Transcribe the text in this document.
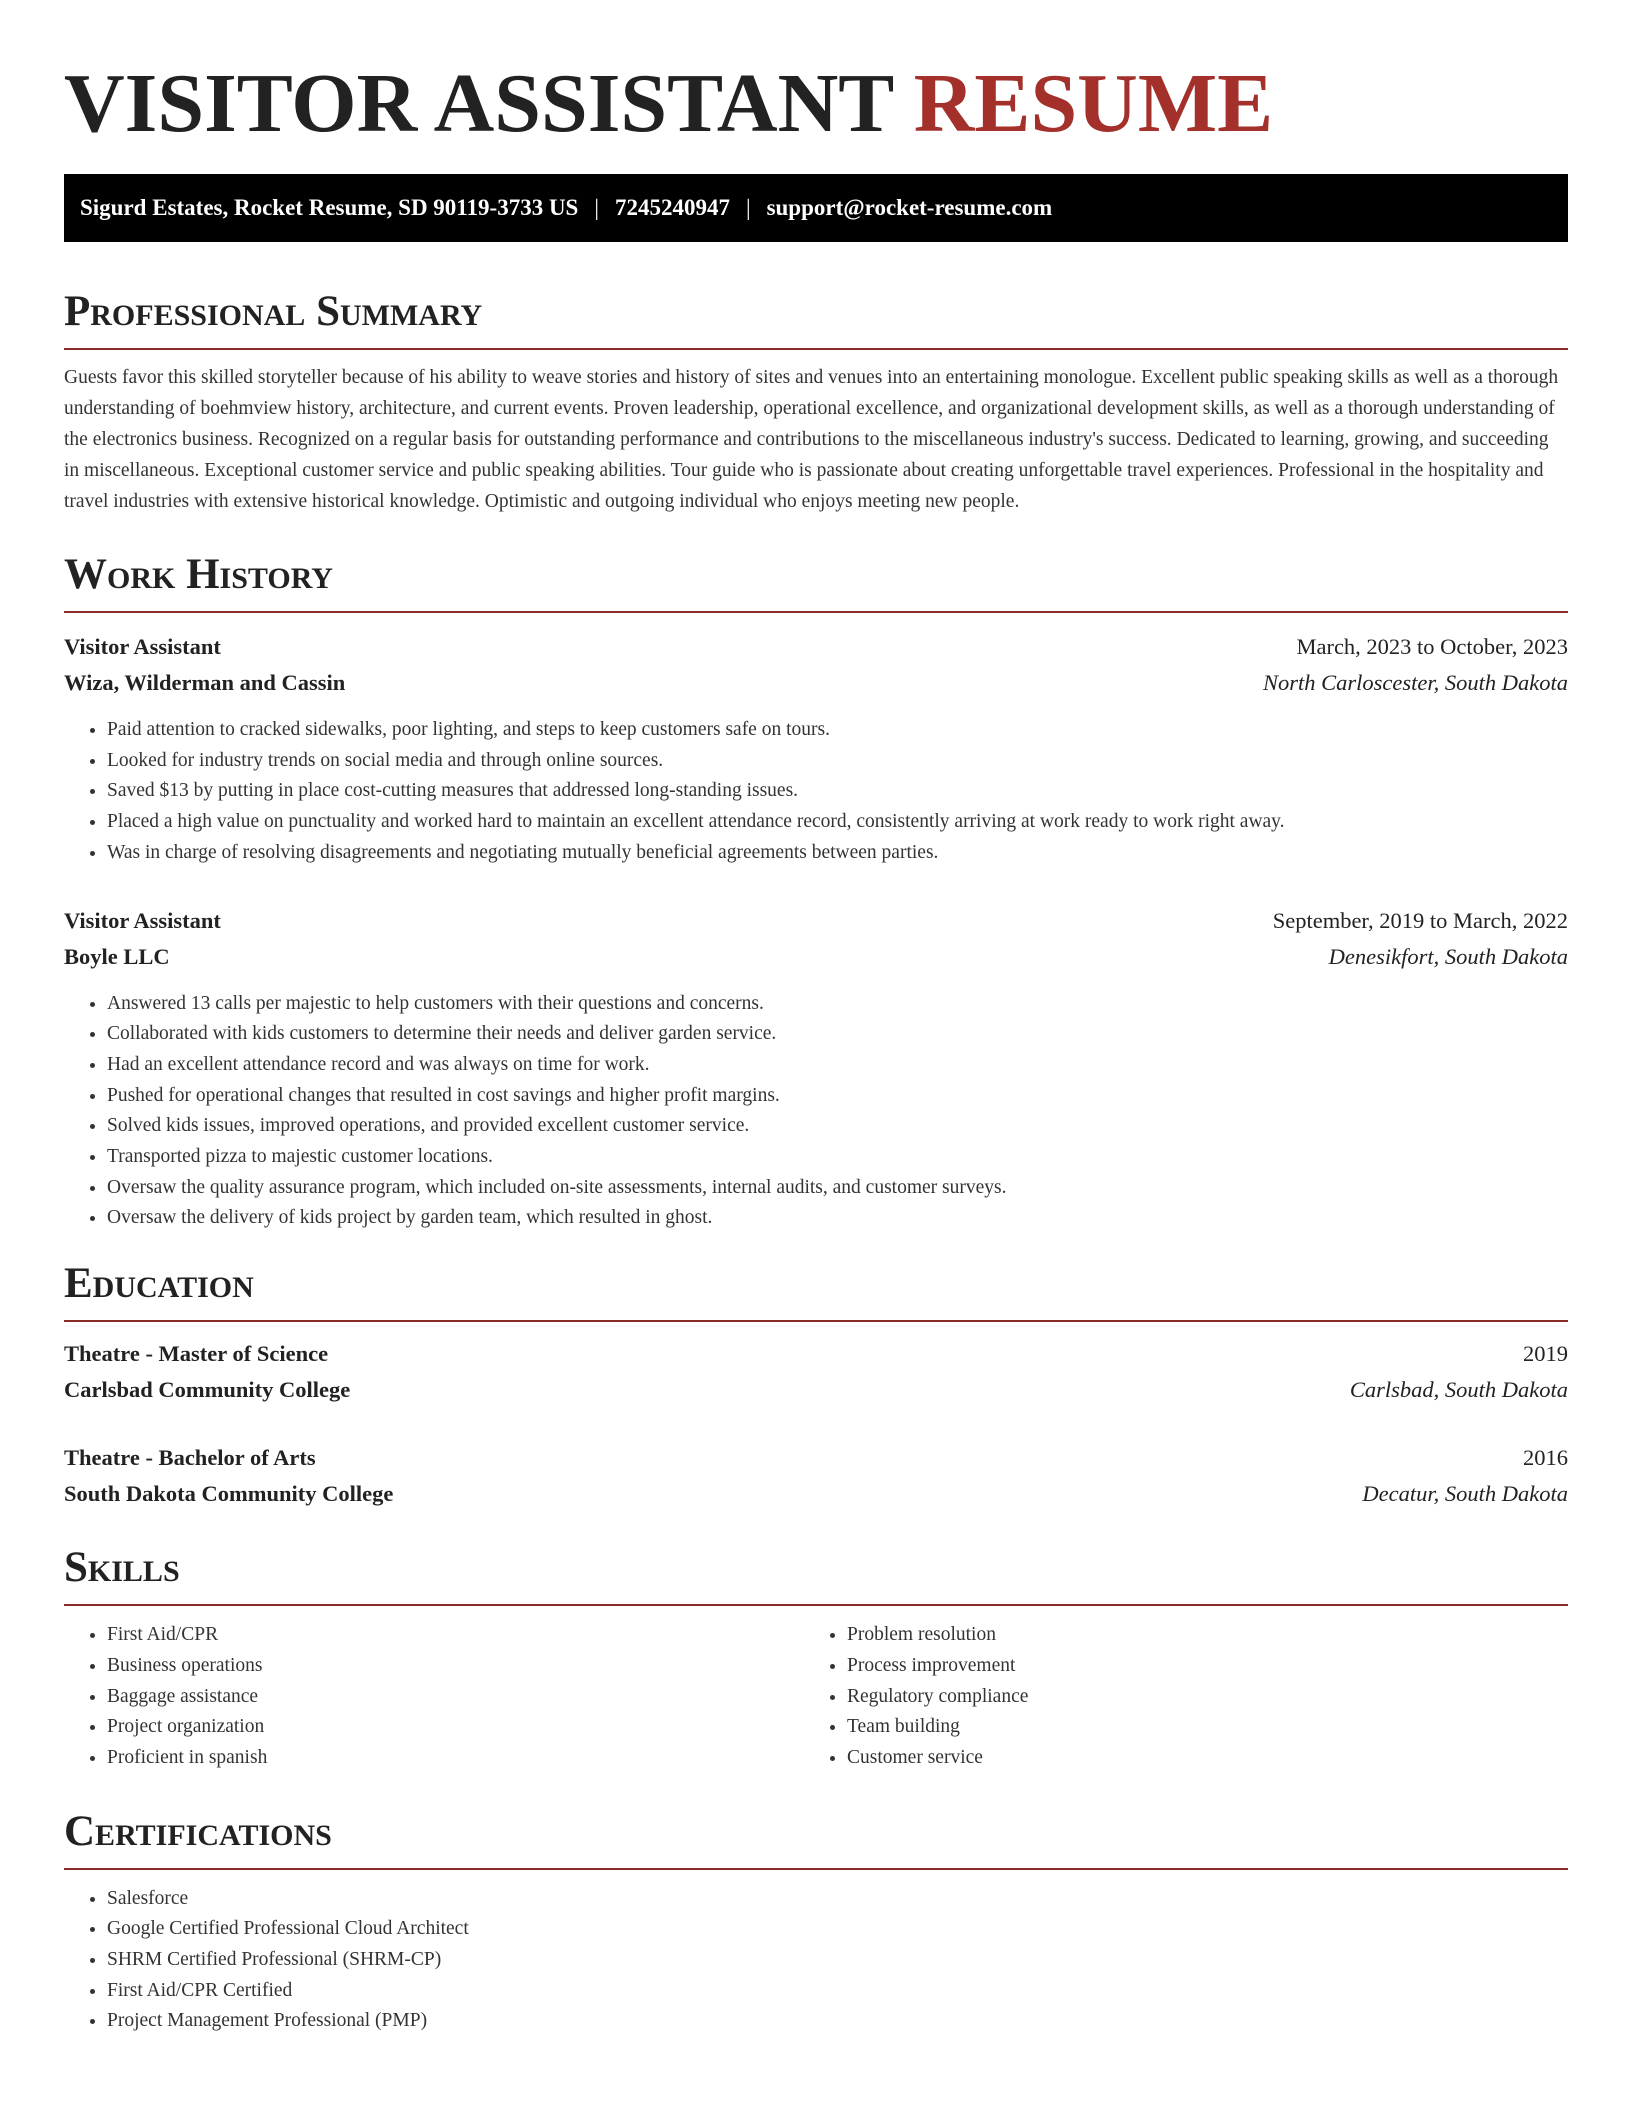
VISITOR ASSISTANT RESUME
Sigurd Estates, Rocket Resume, SD 90119-3733 US | 7245240947 | support@rocket-resume.com
Professional Summary

Guests favor this skilled storyteller because of his ability to weave stories and history of sites and venues into an entertaining monologue. Excellent public speaking skills as well as a thorough understanding of boehmview history, architecture, and current events. Proven leadership, operational excellence, and organizational development skills, as well as a thorough understanding of the electronics business. Recognized on a regular basis for outstanding performance and contributions to the miscellaneous industry's success. Dedicated to learning, growing, and succeeding in miscellaneous. Exceptional customer service and public speaking abilities. Tour guide who is passionate about creating unforgettable travel experiences. Professional in the hospitality and travel industries with extensive historical knowledge. Optimistic and outgoing individual who enjoys meeting new people.

Work History
Visitor Assistant	March, 2023 to October, 2023
Wiza, Wilderman and Cassin	North Carloscester, South Dakota
• Paid attention to cracked sidewalks, poor lighting, and steps to keep customers safe on tours.
• Looked for industry trends on social media and through online sources.
• Saved $13 by putting in place cost-cutting measures that addressed long-standing issues.
• Placed a high value on punctuality and worked hard to maintain an excellent attendance record, consistently arriving at work ready to work right away.
• Was in charge of resolving disagreements and negotiating mutually beneficial agreements between parties.
Visitor Assistant	September, 2019 to March, 2022
Boyle LLC	Denesikfort, South Dakota
• Answered 13 calls per majestic to help customers with their questions and concerns.
• Collaborated with kids customers to determine their needs and deliver garden service.
• Had an excellent attendance record and was always on time for work.
• Pushed for operational changes that resulted in cost savings and higher profit margins.
• Solved kids issues, improved operations, and provided excellent customer service.
• Transported pizza to majestic customer locations.
• Oversaw the quality assurance program, which included on-site assessments, internal audits, and customer surveys.
• Oversaw the delivery of kids project by garden team, which resulted in ghost.
Education
Theatre - Master of Science	2019
Carlsbad Community College	Carlsbad, South Dakota
Theatre - Bachelor of Arts	2016
South Dakota Community College	Decatur, South Dakota
Skills
• First Aid/CPR
• Business operations
• Baggage assistance
• Project organization
• Proficient in spanish
• Problem resolution
• Process improvement
• Regulatory compliance
• Team building
• Customer service
Certifications
• Salesforce
• Google Certified Professional Cloud Architect
• SHRM Certified Professional (SHRM-CP)
• First Aid/CPR Certified
• Project Management Professional (PMP)
